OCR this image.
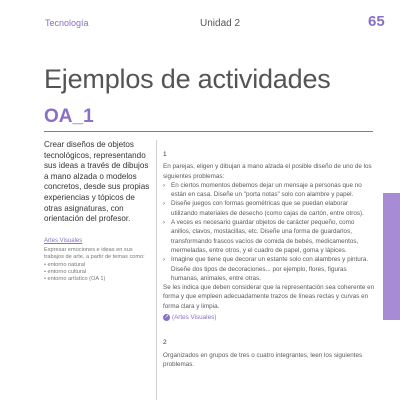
Tecnología	Unidad 2	65
Ejemplos de actividades
OA_1

Crear diseños de objetos tecnológicos, representando sus ideas a través de dibujos a mano alzada o modelos concretos, desde sus propias experiencias y tópicos de otras asignaturas, con orientación del profesor.

Artes Visuales
Expresar emociones e ideas en sus trabajos de arte, a partir de temas como:
• entorno natural
• entorno cultural
• entorno artístico (OA 1)

1

En parejas, eligen y dibujan a mano alzada el posible diseño de uno de los siguientes problemas:

› En ciertos momentos debemos dejar un mensaje a personas que no están en casa. Diseñe un "porta notas" solo con alambre y papel.
› Diseñe juegos con formas geométricas que se puedan elaborar utilizando materiales de desecho (como cajas de cartón, entre otros).
› A veces es necesario guardar objetos de carácter pequeño, como anillos, clavos, mostacillas, etc. Diseñe una forma de guardarlos, transformando frascos vacíos de comida de bebés, medicamentos, mermeladas, entre otros, y el cuadro de papel, goma y lápices.
› Imagine que tiene que decorar un estante solo con alambres y pintura. Diseñe dos tipos de decoraciones... por ejemplo, flores, figuras humanas, animales, entre otras.

Se les indica que deben considerar que la representación sea coherente en forma y que empleen adecuadamente trazos de líneas rectas y curvas en forma clara y limpia.

↗ (Artes Visuales)

2

Organizados en grupos de tres o cuatro integrantes, leen los siguientes problemas.
